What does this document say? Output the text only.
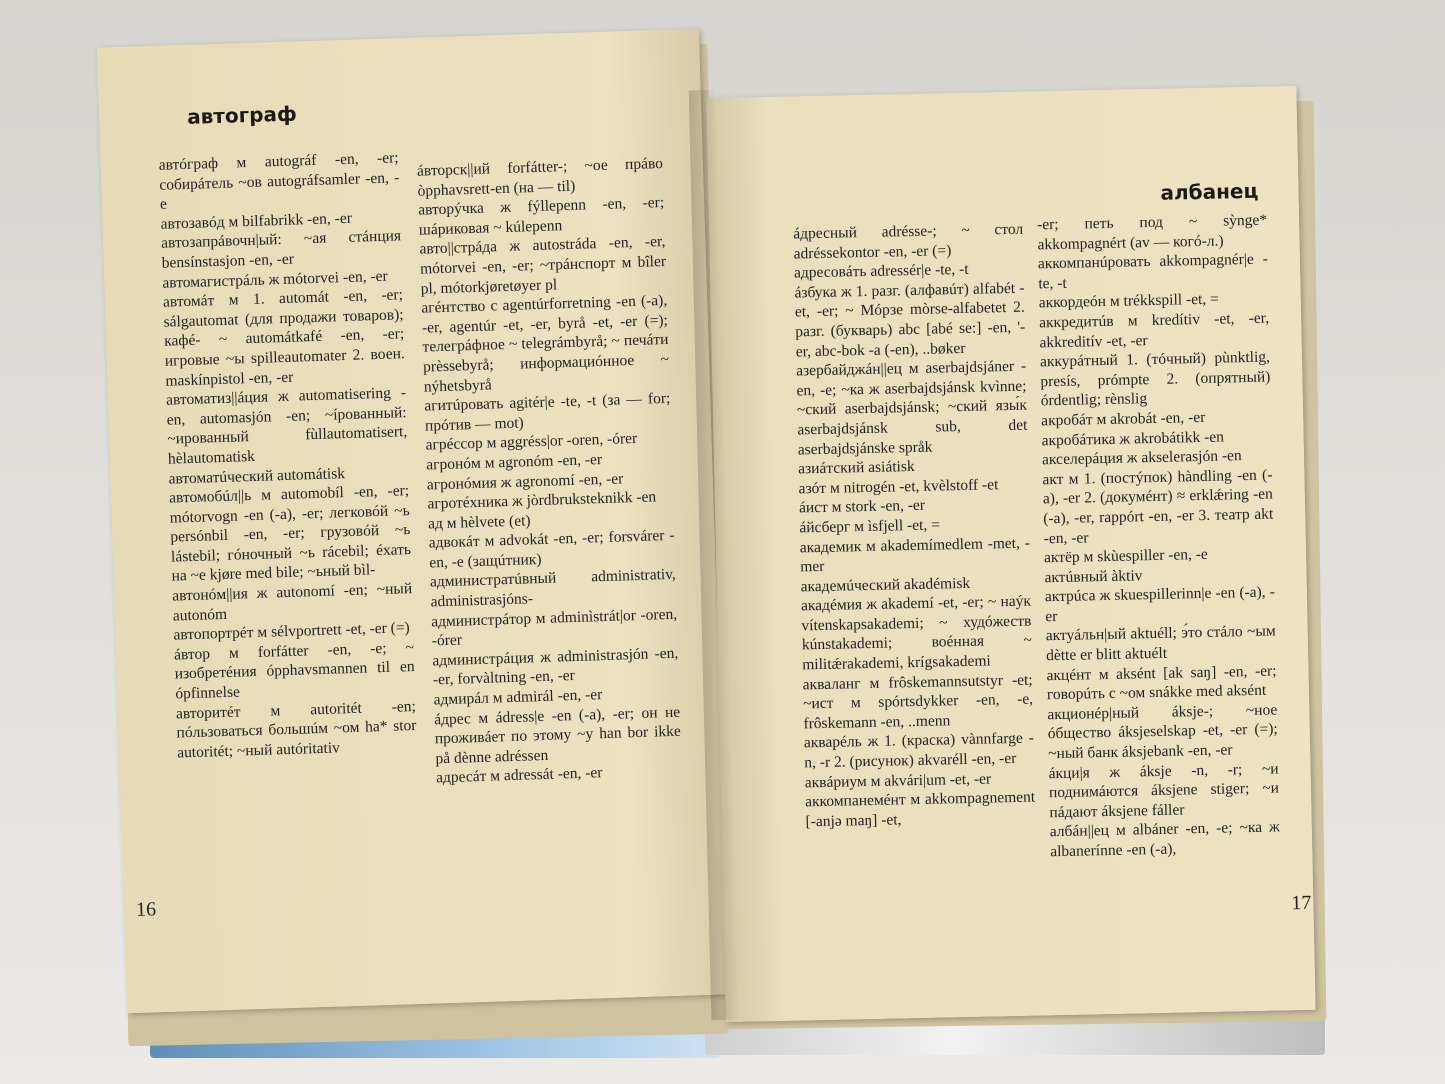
автограф

автóграф м autográf -en, -er; собирáтель ~ов autográfsamler -en, -e

автозавóд м bilfabrikk -en, -er

автозапрáвочн|ый: ~ая стáнция bensínstasjon -en, -er

автомагистрáль ж mótorvei -en, -er

автомáт м 1. automát -en, -er; sálgautomat (для продажи товаров); кафé- ~ automátkafé -en, -er; игровые ~ы spilleautomater 2. воен. maskínpistol -en, -er

автоматиз||áция ж automatisering -en, automasjón -en; ~íрованный: ~ированный fùllautomatisert, hèlautomatisk

автоматúческий automátisk

автомобúл||ь м automobíl -en, -er; mótorvogn -en (-a), -er; легковóй ~ь persónbil -en, -er; грузовóй ~ь lástebil; гóночный ~ь rácebil; éхать на ~е kjøre med bile; ~ьный bìl-

автонóм||ия ж autonomí -en; ~ный autonóm

автопортрéт м sélvportrett -et, -er (=)

áвтор м forfátter -en, -e; ~ изобретéния ópphavsmannen til en ópfinnelse

авторитéт м autoritét -en; пóльзоваться большúм ~ом ha* stor autoritét; ~ный autóritativ

áвторск||ий forfátter-; ~ое прáво òpphavsrett-en (на — til)

авторýчка ж fýllepenn -en, -er; шáриковая ~ kúlepenn

авто||стрáда ж autostráda -en, -er, mótorvei -en, -er; ~трáнспорт м bîler pl, mótorkjøretøyer pl

агéнтство с agentúrforretning -en (-a), -er, agentúr -et, -er, byrå -et, -er (=); телегрáфное ~ telegrámbyrå; ~ печáти prèssebyrå; информациóнное ~ nýhetsbyrå

агитúровать agitér|e -te, -t (за — for; прóтив — mot)

агрéссор м aggréss|or -oren, -órer

агронóм м agronóm -en, -er

агронóмия ж agronomí -en, -er

агротéхника ж jòrdbruksteknikk -en

ад м hèlvete (et)

адвокáт м advokát -en, -er; forsvárer -en, -e (защúтник)

администратúвный administrativ, administrasjóns-

администрáтор м adminìstrát|or -oren, -órer

администрáция ж administrasjón -en, -er, forvàltning -en, -er

адмирáл м admirál -en, -er

áдрес м ádress|e -en (-a), -er; он не проживáет по этому ~у han bor ikke på dènne adréssen

адресáт м adressát -en, -er

16
албанец

áдресный adrésse-; ~ стол adréssekontor -en, -er (=)

адресовáть adressér|e -te, -t

áзбука ж 1. разг. (алфавúт) alfabét -et, -er; ~ Мóрзе mòrse-alfabetet 2. разг. (букварь) abc [abé se:] -en, '-er, abc-bok -a (-en), ..bøker

азербайджáн||ец м aserbajdsjáner -en, -e; ~ка ж aserbajdsjánsk kvìnne; ~ский aserbajdsjánsk; ~ский язы́к aserbajdsjánsk sub, det aserbajdsjánske språk

азиáтский asiátisk

азóт м nitrogén -et, kvèlstoff -et

áист м stork -en, -er

áйсберг м ìsfjell -et, =

академик м akademímedlem -met, -mer

академúческий akadémisk

акадéмия ж akademí -et, -er; ~ наýк vítenskapsakademi; ~ худóжеств kúnstakademi; воéнная ~ militǽrakademi, krígsakademi

акваланг м frôskemannsutstyr -et; ~ист м spórtsdykker -en, -e, frôskemann -en, ..menn

акварéль ж 1. (краска) vànnfarge -n, -r 2. (рисунок) akvaréll -en, -er

аквáриум м akvári|um -et, -er

аккомпанемéнт м akkompagnement [-anjə maŋ] -et,

-er; петь под ~ sỳnge* akkompagnért (av — когó-л.)

аккомпанúровать akkompagnér|e -te, -t

аккордеóн м trékkspill -et, =

аккредитúв м kredítiv -et, -er, akkreditív -et, -er

аккурáтный 1. (тóчный) pùnktlig, presís, prómpte 2. (опрятный) órdentlig; rènslig

акробáт м akrobát -en, -er

акробáтика ж akrobátikk -en

акселерáция ж akselerasjón -en

акт м 1. (постýпок) hàndling -en (-a), -er 2. (докумéнт) ≈ erklǽring -en (-a), -er, rappórt -en, -er 3. театр akt -en, -er

актёр м skùespiller -en, -e

актúвный àktiv

актрúса ж skuespillerinn|e -en (-a), -er

актуáльн|ый aktuéll; э́то стáло ~ым dètte er blitt aktuélt

акцéнт м aksént [ak saŋ] -en, -er; говорúть с ~ом snákke med aksént

акционéр|ный áksje-; ~ное óбщество áksjeselskap -et, -er (=); ~ный банк áksjebank -en, -er

áкци|я ж áksje -n, -r; ~и поднимáются áksjene stiger; ~и пáдают áksjene fáller

албáн||ец м albáner -en, -e; ~ка ж albanerínne -en (-a),

17
